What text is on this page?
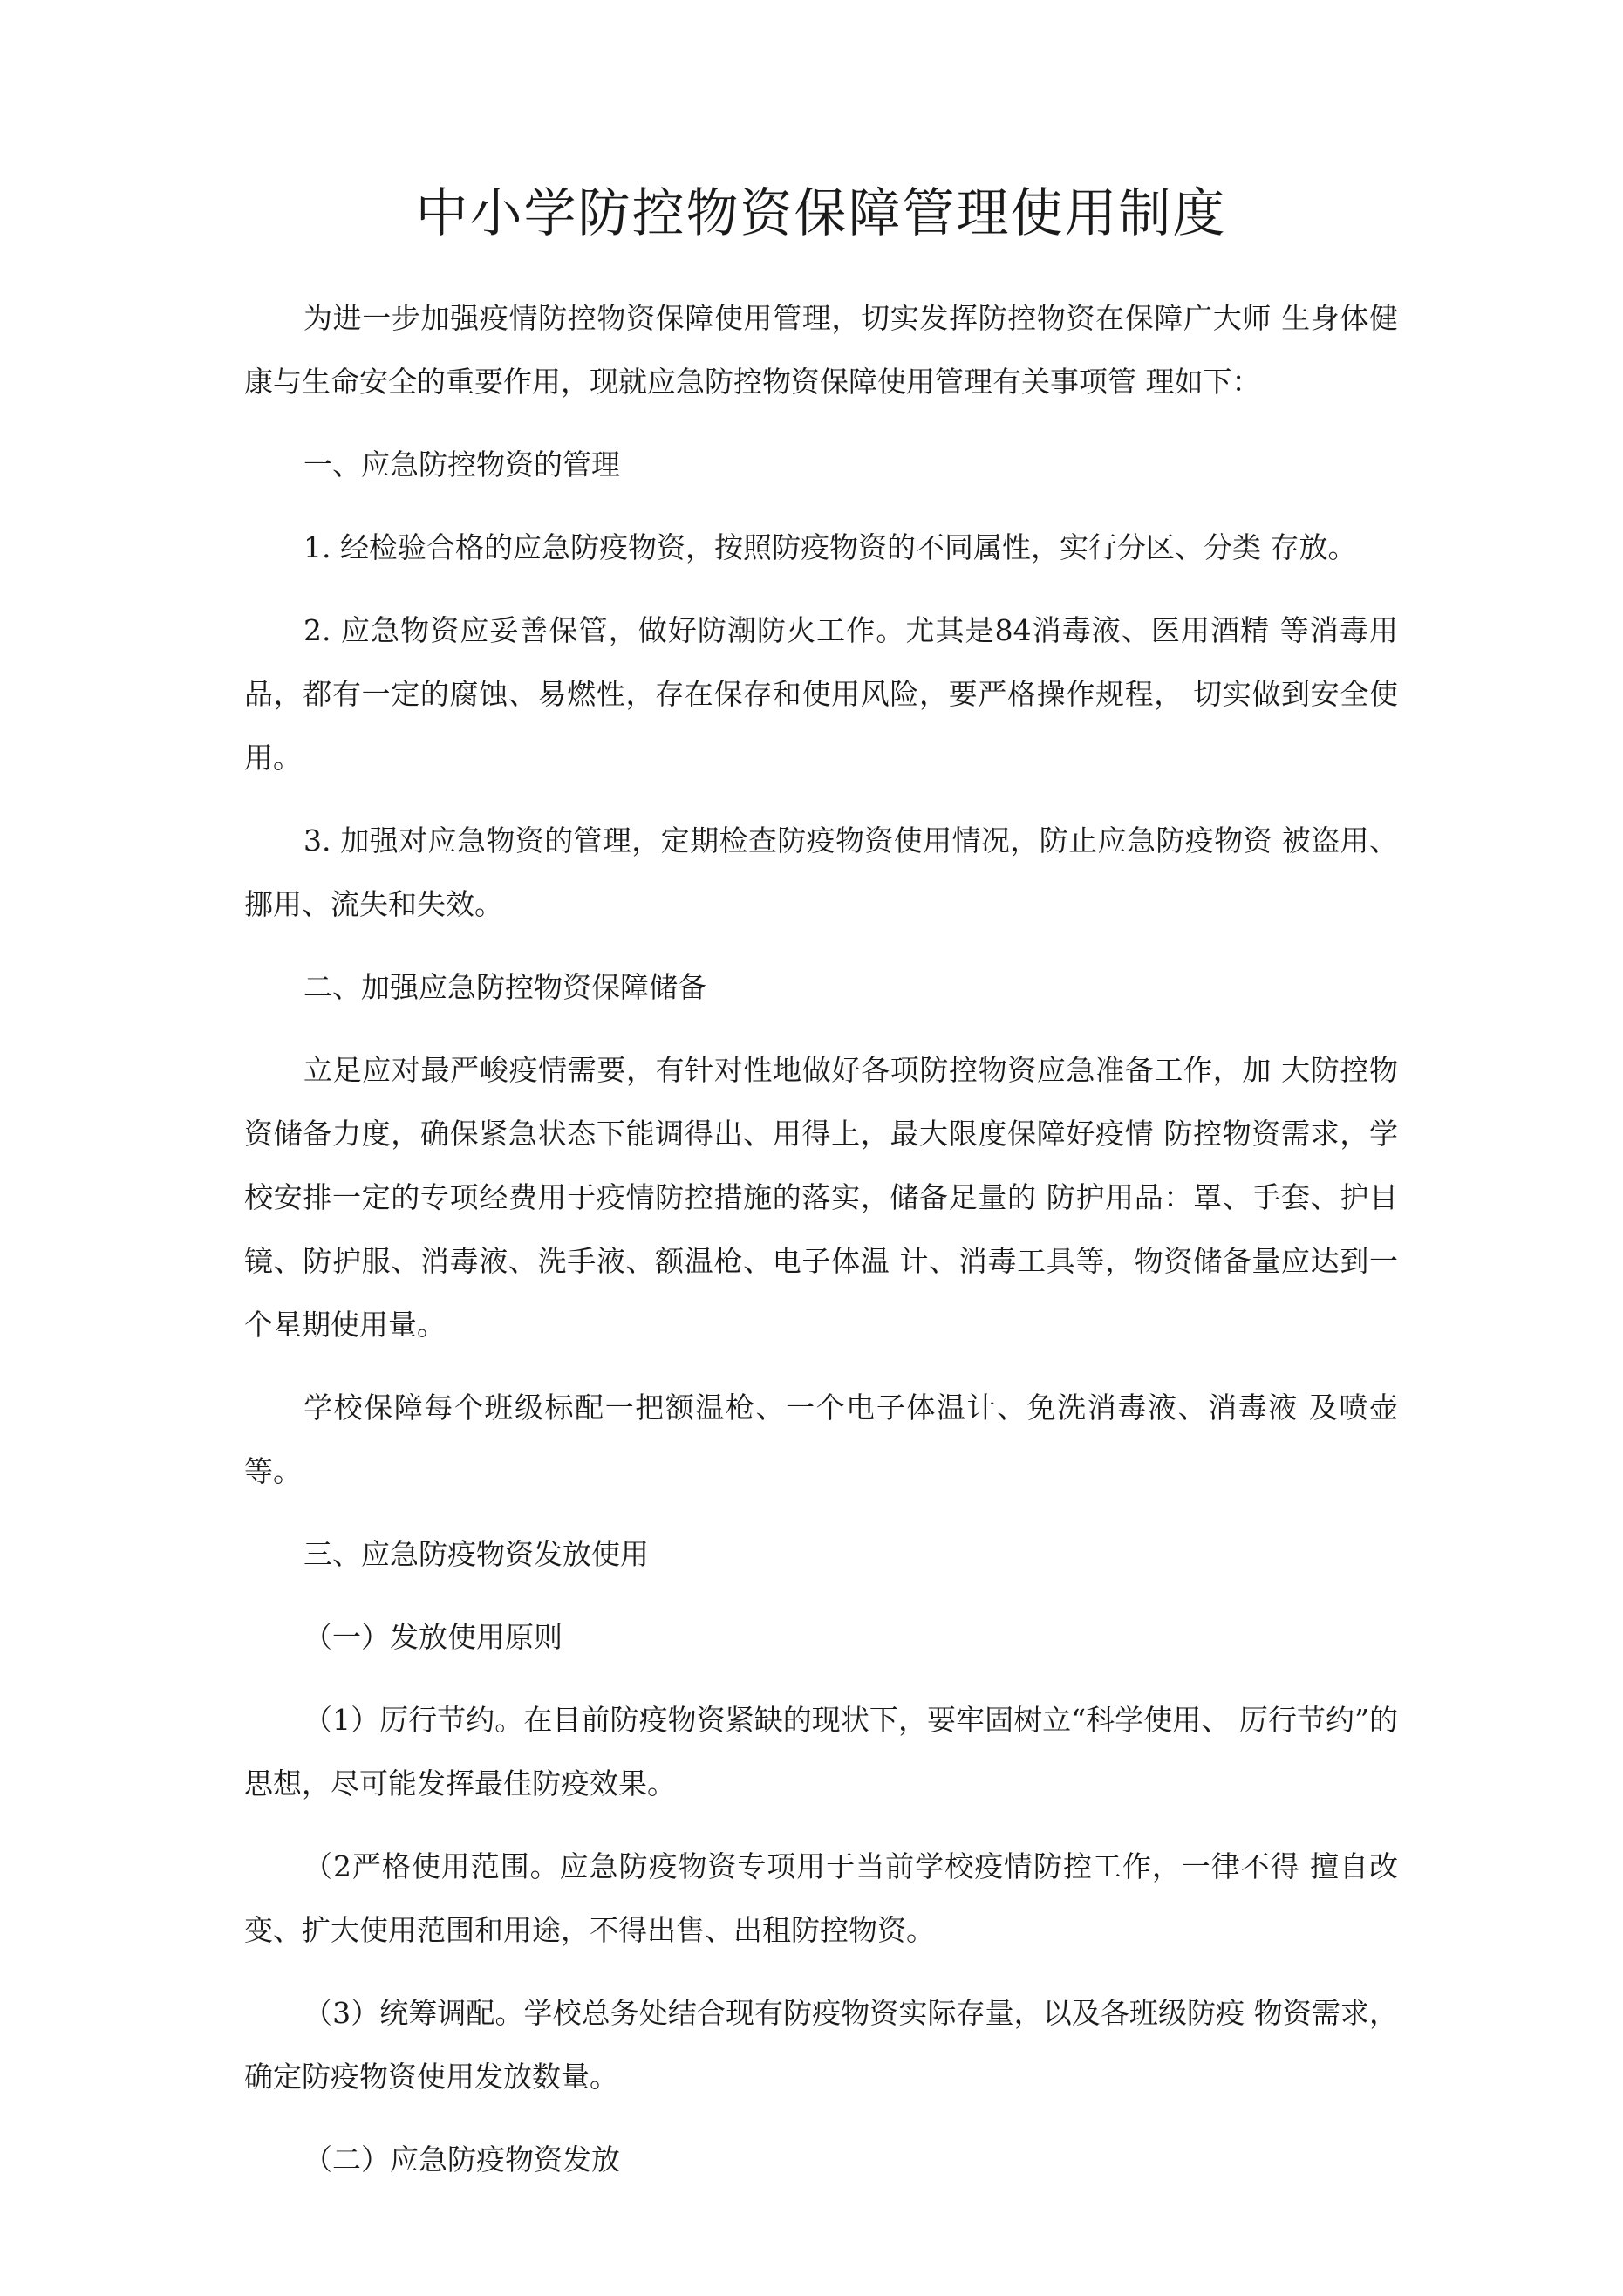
中小学防控物资保障管理使用制度

为进一步加强疫情防控物资保障使用管理，切实发挥防控物资在保障广大师 生身体健康与生命安全的重要作用，现就应急防控物资保障使用管理有关事项管 理如下：

一、应急防控物资的管理

1. 经检验合格的应急防疫物资，按照防疫物资的不同属性，实行分区、分类 存放。

2. 应急物资应妥善保管，做好防潮防火工作。尤其是84消毒液、医用酒精 等消毒用品，都有一定的腐蚀、易燃性，存在保存和使用风险，要严格操作规程， 切实做到安全使用。

3. 加强对应急物资的管理，定期检查防疫物资使用情况，防止应急防疫物资 被盗用、挪用、流失和失效。

二、加强应急防控物资保障储备

立足应对最严峻疫情需要，有针对性地做好各项防控物资应急准备工作，加 大防控物资储备力度，确保紧急状态下能调得出、用得上，最大限度保障好疫情 防控物资需求，学校安排一定的专项经费用于疫情防控措施的落实，储备足量的 防护用品：罩、手套、护目镜、防护服、消毒液、洗手液、额温枪、电子体温 计、消毒工具等，物资储备量应达到一个星期使用量。

学校保障每个班级标配一把额温枪、一个电子体温计、免洗消毒液、消毒液 及喷壶等。

三、应急防疫物资发放使用

（一）发放使用原则

（1）厉行节约。在目前防疫物资紧缺的现状下，要牢固树立“科学使用、 厉行节约”的思想，尽可能发挥最佳防疫效果。

（2严格使用范围。应急防疫物资专项用于当前学校疫情防控工作，一律不得 擅自改变、扩大使用范围和用途，不得出售、出租防控物资。

（3）统筹调配。学校总务处结合现有防疫物资实际存量，以及各班级防疫 物资需求，确定防疫物资使用发放数量。

（二）应急防疫物资发放
